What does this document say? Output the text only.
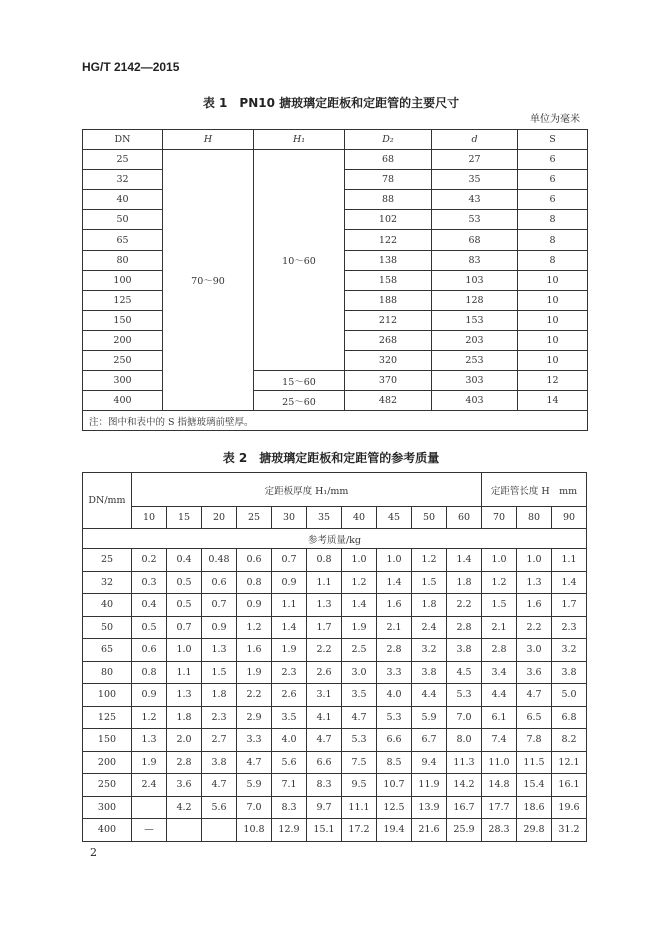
HG/T 2142—2015
表 1　PN10 搪玻璃定距板和定距管的主要尺寸
单位为毫米
DN	H	H₁	D₂	d	S
25	70～90	10～60	68	27	6
32			78	35	6
40			88	43	6
50			102	53	8
65			122	68	8
80			138	83	8
100			158	103	10
125			188	128	10
150			212	153	10
200			268	203	10
250			320	253	10
300		15～60	370	303	12
400		25～60	482	403	14
注：图中和表中的 S 指搪玻璃前壁厚。					
表 2　搪玻璃定距板和定距管的参考质量
DN/mm	定距板厚度 H₁/mm										定距管长度 H　mm		
	10	15	20	25	30	35	40	45	50	60	70	80	90
参考质量/kg													
25	0.2	0.4	0.48	0.6	0.7	0.8	1.0	1.0	1.2	1.4	1.0	1.0	1.1
32	0.3	0.5	0.6	0.8	0.9	1.1	1.2	1.4	1.5	1.8	1.2	1.3	1.4
40	0.4	0.5	0.7	0.9	1.1	1.3	1.4	1.6	1.8	2.2	1.5	1.6	1.7
50	0.5	0.7	0.9	1.2	1.4	1.7	1.9	2.1	2.4	2.8	2.1	2.2	2.3
65	0.6	1.0	1.3	1.6	1.9	2.2	2.5	2.8	3.2	3.8	2.8	3.0	3.2
80	0.8	1.1	1.5	1.9	2.3	2.6	3.0	3.3	3.8	4.5	3.4	3.6	3.8
100	0.9	1.3	1.8	2.2	2.6	3.1	3.5	4.0	4.4	5.3	4.4	4.7	5.0
125	1.2	1.8	2.3	2.9	3.5	4.1	4.7	5.3	5.9	7.0	6.1	6.5	6.8
150	1.3	2.0	2.7	3.3	4.0	4.7	5.3	6.6	6.7	8.0	7.4	7.8	8.2
200	1.9	2.8	3.8	4.7	5.6	6.6	7.5	8.5	9.4	11.3	11.0	11.5	12.1
250	2.4	3.6	4.7	5.9	7.1	8.3	9.5	10.7	11.9	14.2	14.8	15.4	16.1
300		4.2	5.6	7.0	8.3	9.7	11.1	12.5	13.9	16.7	17.7	18.6	19.6
400	—			10.8	12.9	15.1	17.2	19.4	21.6	25.9	28.3	29.8	31.2
2
